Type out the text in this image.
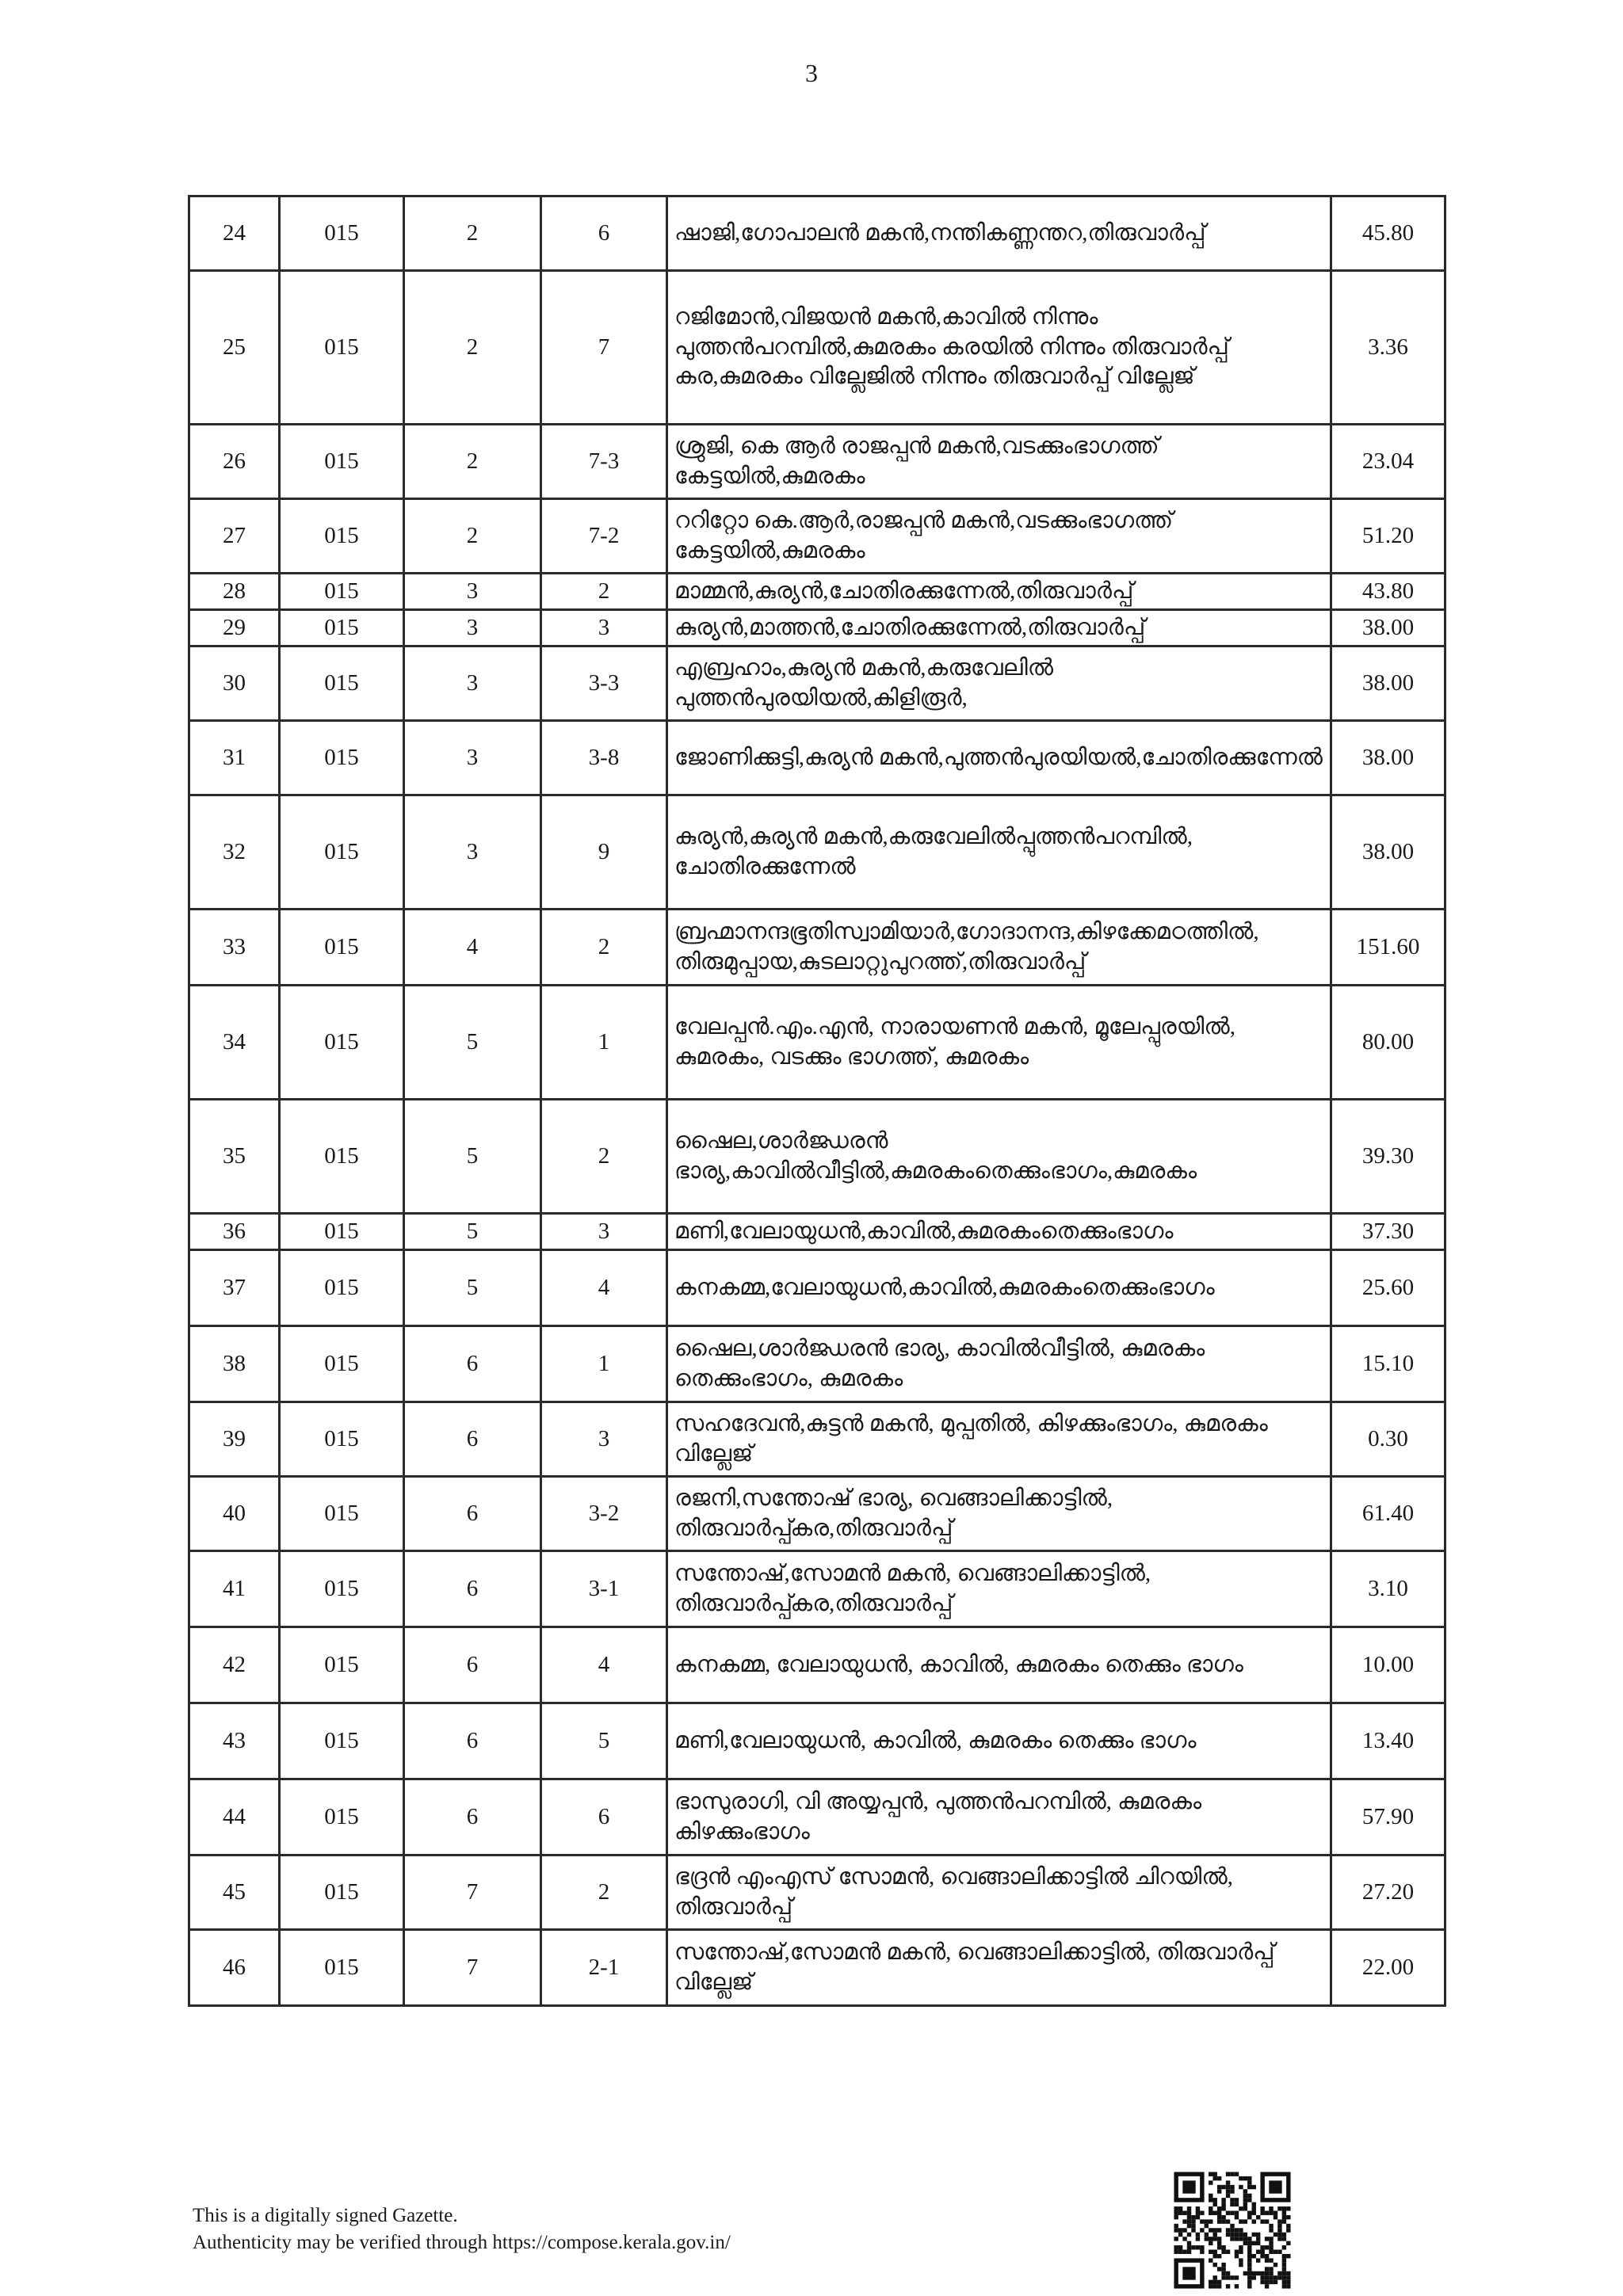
3
24	015	2	6	ഷാജി,ഗോപാലൻ മകൻ,നന്തികണ്ണന്തറ,തിരുവാർപ്പ്	45.80
25	015	2	7	റജിമോൻ,വിജയൻ മകൻ,കാവിൽ നിന്നും പുത്തൻപറമ്പിൽ,കുമരകം കരയിൽ നിന്നും തിരുവാർപ്പ് കര,കുമരകം വില്ലേജിൽ നിന്നും തിരുവാർപ്പ് വില്ലേജ്	3.36
26	015	2	7-3	ശ്രുജി, കെ ആർ രാജപ്പൻ മകൻ,വടക്കുംഭാഗത്ത് കേട്ടയിൽ,കുമരകം	23.04
27	015	2	7-2	ററിറ്റോ കെ.ആർ,രാജപ്പൻ മകൻ,വടക്കുംഭാഗത്ത് കേട്ടയിൽ,കുമരകം	51.20
28	015	3	2	മാമ്മൻ,കുര്യൻ,ചോതിരക്കുന്നേൽ,തിരുവാർപ്പ്	43.80
29	015	3	3	കുര്യൻ,മാത്തൻ,ചോതിരക്കുന്നേൽ,തിരുവാർപ്പ്	38.00
30	015	3	3-3	എബ്രഹാം,കുര്യൻ മകൻ,കരുവേലിൽ പുത്തൻപുരയിയൽ,കിളിരൂർ,	38.00
31	015	3	3-8	ജോണിക്കുട്ടി,കുര്യൻ മകൻ,പുത്തൻപുരയിയൽ,ചോതിരക്കുന്നേൽ	38.00
32	015	3	9	കുര്യൻ,കുര്യൻ മകൻ,കരുവേലിൽപ്പുത്തൻപറമ്പിൽ, ചോതിരക്കുന്നേൽ	38.00
33	015	4	2	ബ്രഹ്മാനന്ദഭൂതിസ്വാമിയാർ,ഗോദാനന്ദ,കിഴക്കേമഠത്തിൽ, തിരുമുപ്പായ,കുടലാറ്റുപുറത്ത്,തിരുവാർപ്പ്	151.60
34	015	5	1	വേലപ്പൻ.എം.എൻ, നാരായണൻ മകൻ, മൂലേപ്പുരയിൽ, കുമരകം, വടക്കും ഭാഗത്ത്, കുമരകം	80.00
35	015	5	2	ഷൈല,ശാർജ്ധരൻ ഭാര്യ,കാവിൽവീട്ടിൽ,കുമരകംതെക്കുംഭാഗം,കുമരകം	39.30
36	015	5	3	മണി,വേലായുധൻ,കാവിൽ,കുമരകംതെക്കുംഭാഗം	37.30
37	015	5	4	കനകമ്മ,വേലായുധൻ,കാവിൽ,കുമരകംതെക്കുംഭാഗം	25.60
38	015	6	1	ഷൈല,ശാർജ്ധരൻ ഭാര്യ, കാവിൽവീട്ടിൽ, കുമരകം തെക്കുംഭാഗം, കുമരകം	15.10
39	015	6	3	സഹദേവൻ,കുട്ടൻ മകൻ, മുപ്പതിൽ, കിഴക്കുംഭാഗം, കുമരകം വില്ലേജ്	0.30
40	015	6	3-2	രജനി,സന്തോഷ് ഭാര്യ, വെങ്ങാലിക്കാട്ടിൽ, തിരുവാർപ്പ്കര,തിരുവാർപ്പ്	61.40
41	015	6	3-1	സന്തോഷ്,സോമൻ മകൻ, വെങ്ങാലിക്കാട്ടിൽ, തിരുവാർപ്പ്കര,തിരുവാർപ്പ്	3.10
42	015	6	4	കനകമ്മ, വേലായുധൻ, കാവിൽ, കുമരകം തെക്കും ഭാഗം	10.00
43	015	6	5	മണി,വേലായുധൻ, കാവിൽ, കുമരകം തെക്കും ഭാഗം	13.40
44	015	6	6	ഭാസുരാഗി, വി അയ്യപ്പൻ, പുത്തൻപറമ്പിൽ, കുമരകം കിഴക്കുംഭാഗം	57.90
45	015	7	2	ഭദ്രൻ എംഎസ് സോമൻ, വെങ്ങാലിക്കാട്ടിൽ ചിറയിൽ, തിരുവാർപ്പ്	27.20
46	015	7	2-1	സന്തോഷ്,സോമൻ മകൻ, വെങ്ങാലിക്കാട്ടിൽ, തിരുവാർപ്പ് വില്ലേജ്	22.00
This is a digitally signed Gazette.
Authenticity may be verified through https://compose.kerala.gov.in/
